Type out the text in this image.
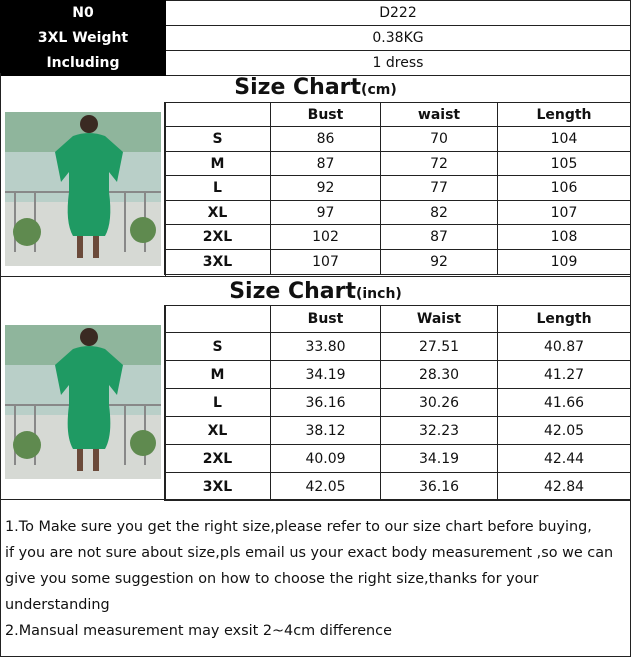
N0	D222
3XL Weight	0.38KG
Including	1 dress
Size Chart(cm)
	Bust	waist	Length
S	86	70	104
M	87	72	105
L	92	77	106
XL	97	82	107
2XL	102	87	108
3XL	107	92	109
Size Chart(inch)
	Bust	Waist	Length
S	33.80	27.51	40.87
M	34.19	28.30	41.27
L	36.16	30.26	41.66
XL	38.12	32.23	42.05
2XL	40.09	34.19	42.44
3XL	42.05	36.16	42.84

1.To Make sure you get the right size,please refer to our size chart before buying,

if you are not sure about size,pls email us your exact body measurement ,so we can

give you some suggestion on how to choose the right size,thanks for your

understanding

2.Mansual measurement may exsit 2~4cm difference
